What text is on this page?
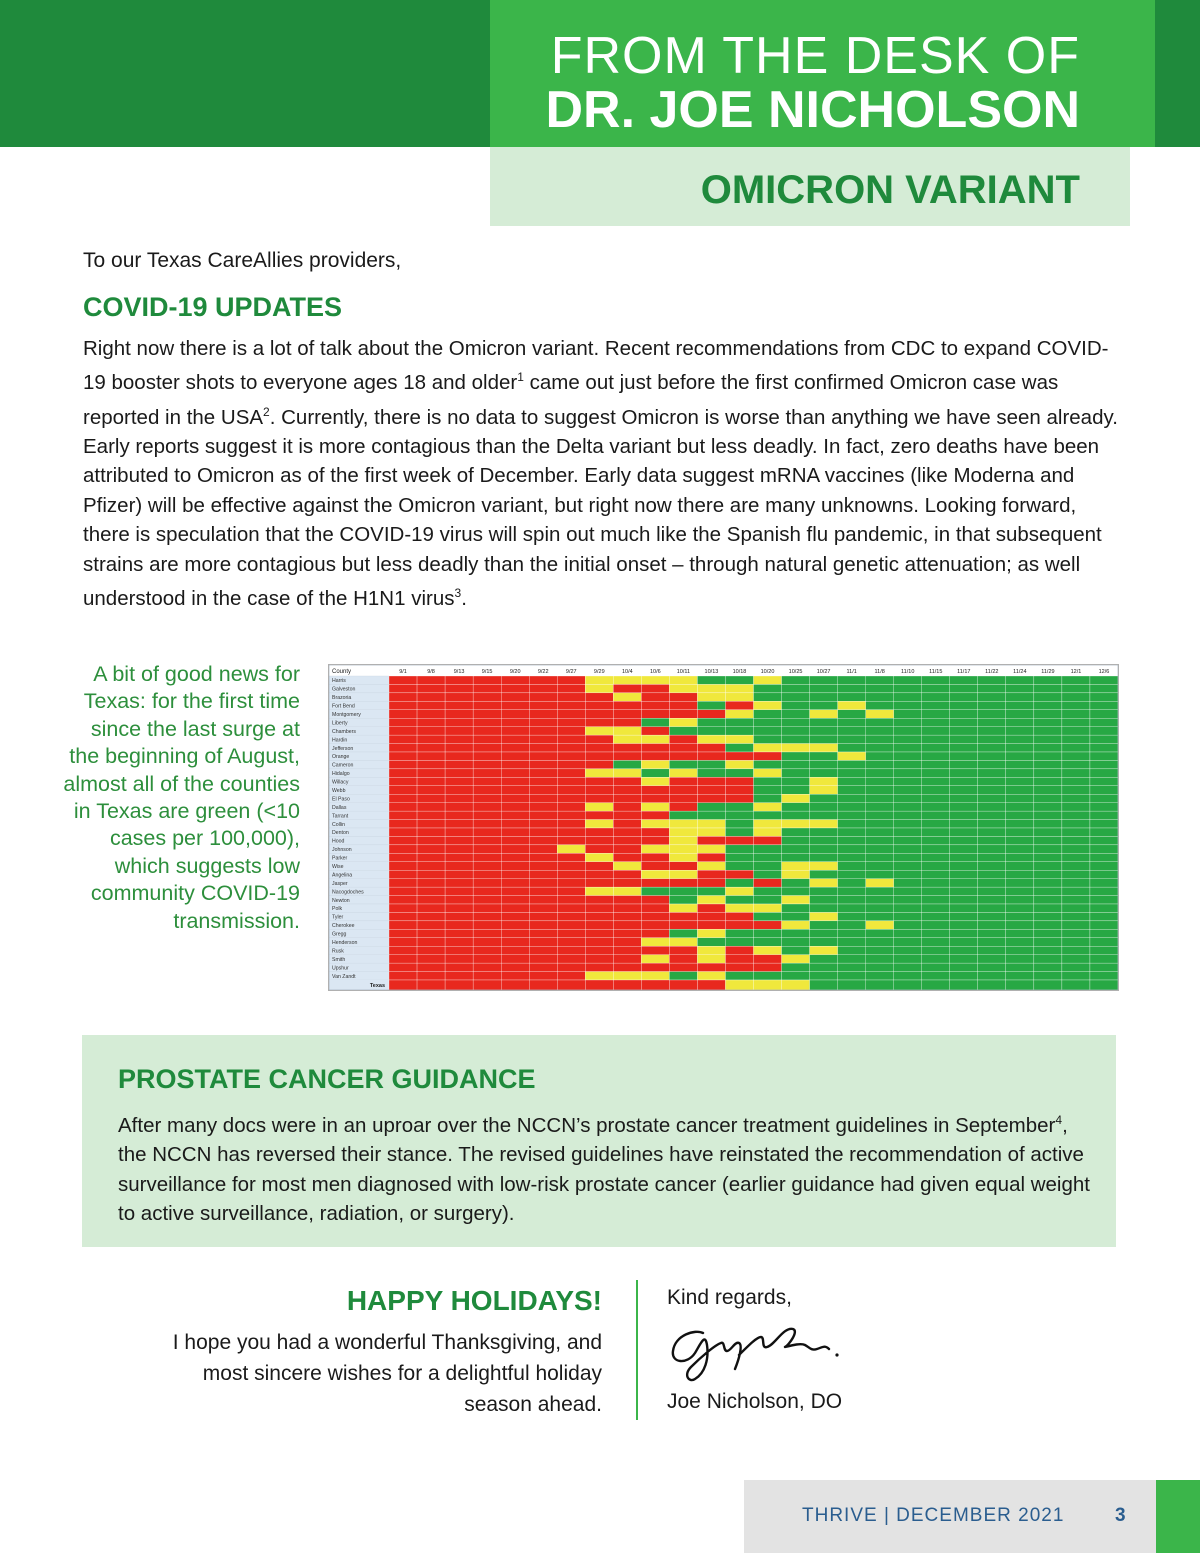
FROM THE DESK OF
DR. JOE NICHOLSON
OMICRON VARIANT
To our Texas CareAllies providers,
COVID-19 UPDATES
Right now there is a lot of talk about the Omicron variant. Recent recommendations from CDC to expand COVID-19 booster shots to everyone ages 18 and older$^1$ came out just before the first confirmed Omicron case was reported in the USA$^2$. Currently, there is no data to suggest Omicron is worse than anything we have seen already. Early reports suggest it is more contagious than the Delta variant but less deadly. In fact, zero deaths have been attributed to Omicron as of the first week of December. Early data suggest mRNA vaccines (like Moderna and Pfizer) will be effective against the Omicron variant, but right now there are many unknowns. Looking forward, there is speculation that the COVID-19 virus will spin out much like the Spanish flu pandemic, in that subsequent strains are more contagious but less deadly than the initial onset – through natural genetic attenuation; as well understood in the case of the H1N1 virus$^3$.
A bit of good news for Texas: for the first time since the last surge at the beginning of August, almost all of the counties in Texas are green (<10 cases per 100,000), which suggests low community COVID-19 transmission.
County	9/1	9/8	9/13	9/15	9/20	9/22	9/27	9/29	10/4	10/6	10/11	10/13	10/18	10/20	10/25	10/27	11/1	11/8	11/10	11/15	11/17	11/22	11/24	11/29	12/1	12/6
Harris
Galveston
Brazoria
Fort Bend
Montgomery
Liberty
Chambers
Hardin
Jefferson
Orange
Cameron
Hidalgo
Willacy
Webb
El Paso
Dallas
Tarrant
Collin
Denton
Hood
Johnson
Parker
Wise
Angelina
Jasper
Nacogdoches
Newton
Polk
Tyler
Cherokee
Gregg
Henderson
Rusk
Smith
Upshur
Van Zandt
Texas
PROSTATE CANCER GUIDANCE
After many docs were in an uproar over the NCCN’s prostate cancer treatment guidelines in September$^4$, the NCCN has reversed their stance. The revised guidelines have reinstated the recommendation of active surveillance for most men diagnosed with low-risk prostate cancer (earlier guidance had given equal weight to active surveillance, radiation, or surgery).
HAPPY HOLIDAYS!
I hope you had a wonderful Thanksgiving, and most sincere wishes for a delightful holiday season ahead.
Kind regards,
Joe Nicholson, DO
THRIVE | DECEMBER 2021	3
